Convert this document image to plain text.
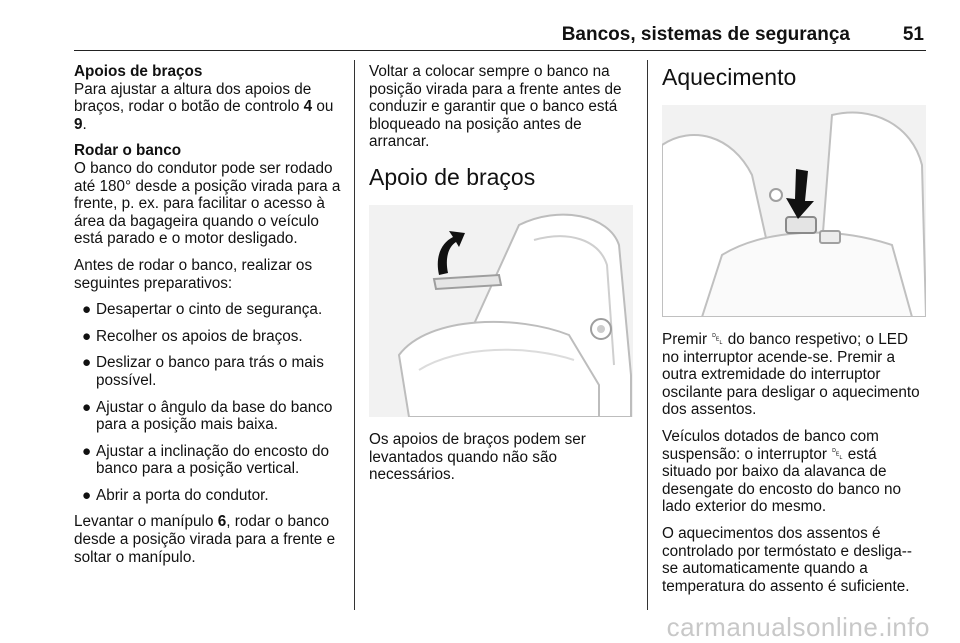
Bancos, sistemas de segurança	51

Apoios de braços

Para ajustar a altura dos apoios de braços, rodar o botão de controlo 4 ou 9.

Rodar o banco

O banco do condutor pode ser rodado até 180° desde a posição virada para a frente, p. ex. para facilitar o acesso à área da bagageira quando o veículo está parado e o motor desligado.

Antes de rodar o banco, realizar os seguintes preparativos:

● Desapertar o cinto de segurança.
● Recolher os apoios de braços.
● Deslizar o banco para trás o mais possível.
● Ajustar o ângulo da base do banco para a posição mais baixa.
● Ajustar a inclinação do encosto do banco para a posição vertical.
● Abrir a porta do condutor.

Levantar o manípulo 6, rodar o banco desde a posição virada para a frente e soltar o manípulo.

Voltar a colocar sempre o banco na posição virada para a frente antes de conduzir e garantir que o banco está bloqueado na posição antes de arrancar.

Apoio de braços

Os apoios de braços podem ser levantados quando não são necessários.

Aquecimento

Premir ␡ do banco respetivo; o LED no interruptor acende-se. Premir a outra extremidade do interruptor oscilante para desligar o aquecimento dos assentos.

Veículos dotados de banco com suspensão: o interruptor ␡ está situado por baixo da alavanca de desengate do encosto do banco no lado exterior do mesmo.

O aquecimentos dos assentos é controlado por termóstato e desliga--se automaticamente quando a temperatura do assento é suficiente.

carmanualsonline.info
